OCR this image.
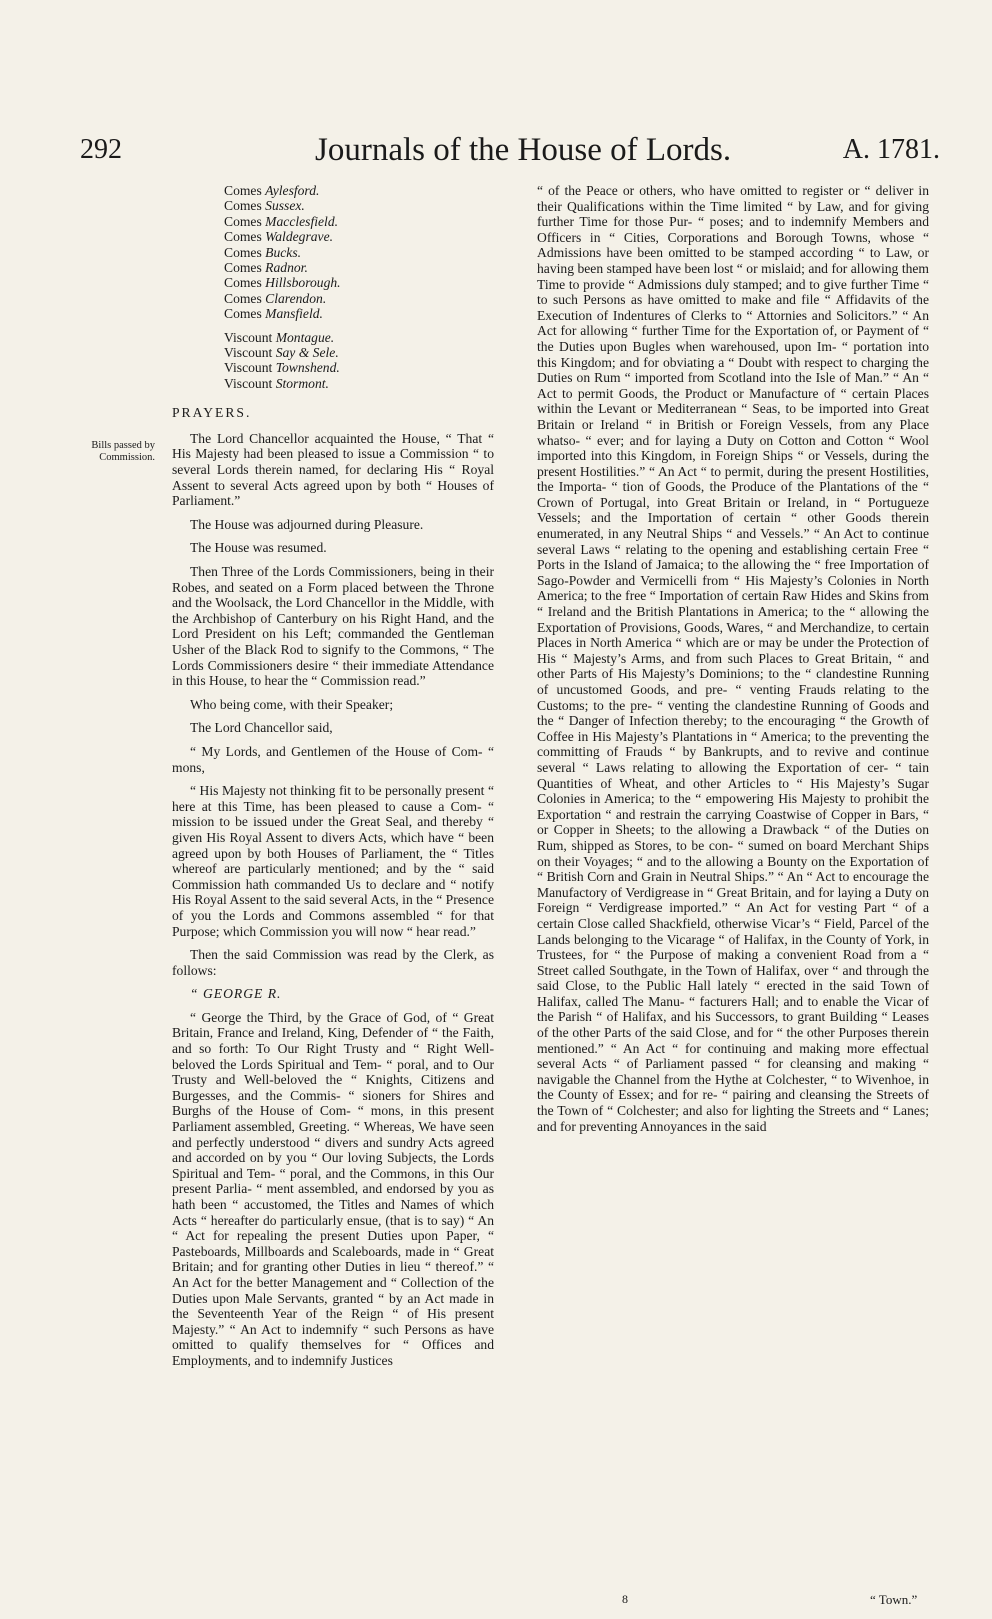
292	Journals of the House of Lords.	A. 1781.
Bills passed by Commission.
Comes Aylesford.
Comes Sussex.
Comes Macclesfield.
Comes Waldegrave.
Comes Bucks.
Comes Radnor.
Comes Hillsborough.
Comes Clarendon.
Comes Mansfield.
Viscount Montague.
Viscount Say & Sele.
Viscount Townshend.
Viscount Stormont.

PRAYERS.

The Lord Chancellor acquainted the House, “ That “ His Majesty had been pleased to issue a Commission “ to several Lords therein named, for declaring His “ Royal Assent to several Acts agreed upon by both “ Houses of Parliament.”

The House was adjourned during Pleasure.

The House was resumed.

Then Three of the Lords Commissioners, being in their Robes, and seated on a Form placed between the Throne and the Woolsack, the Lord Chancellor in the Middle, with the Archbishop of Canterbury on his Right Hand, and the Lord President on his Left; commanded the Gentleman Usher of the Black Rod to signify to the Commons, “ The Lords Commissioners desire “ their immediate Attendance in this House, to hear the “ Commission read.”

Who being come, with their Speaker;

The Lord Chancellor said,

“ My Lords, and Gentlemen of the House of Com- “ mons,

“ His Majesty not thinking fit to be personally present “ here at this Time, has been pleased to cause a Com- “ mission to be issued under the Great Seal, and thereby “ given His Royal Assent to divers Acts, which have “ been agreed upon by both Houses of Parliament, the “ Titles whereof are particularly mentioned; and by the “ said Commission hath commanded Us to declare and “ notify His Royal Assent to the said several Acts, in the “ Presence of you the Lords and Commons assembled “ for that Purpose; which Commission you will now “ hear read.”

Then the said Commission was read by the Clerk, as follows:

“ GEORGE R.

“ George the Third, by the Grace of God, of “ Great Britain, France and Ireland, King, Defender of “ the Faith, and so forth: To Our Right Trusty and “ Right Well-beloved the Lords Spiritual and Tem- “ poral, and to Our Trusty and Well-beloved the “ Knights, Citizens and Burgesses, and the Commis- “ sioners for Shires and Burghs of the House of Com- “ mons, in this present Parliament assembled, Greeting. “ Whereas, We have seen and perfectly understood “ divers and sundry Acts agreed and accorded on by you “ Our loving Subjects, the Lords Spiritual and Tem- “ poral, and the Commons, in this Our present Parlia- “ ment assembled, and endorsed by you as hath been “ accustomed, the Titles and Names of which Acts “ hereafter do particularly ensue, (that is to say) “ An “ Act for repealing the present Duties upon Paper, “ Pasteboards, Millboards and Scaleboards, made in “ Great Britain; and for granting other Duties in lieu “ thereof.” “ An Act for the better Management and “ Collection of the Duties upon Male Servants, granted “ by an Act made in the Seventeenth Year of the Reign “ of His present Majesty.” “ An Act to indemnify “ such Persons as have omitted to qualify themselves for “ Offices and Employments, and to indemnify Justices

“ of the Peace or others, who have omitted to register or “ deliver in their Qualifications within the Time limited “ by Law, and for giving further Time for those Pur- “ poses; and to indemnify Members and Officers in “ Cities, Corporations and Borough Towns, whose “ Admissions have been omitted to be stamped according “ to Law, or having been stamped have been lost “ or mislaid; and for allowing them Time to provide “ Admissions duly stamped; and to give further Time “ to such Persons as have omitted to make and file “ Affidavits of the Execution of Indentures of Clerks to “ Attornies and Solicitors.” “ An Act for allowing “ further Time for the Exportation of, or Payment of “ the Duties upon Bugles when warehoused, upon Im- “ portation into this Kingdom; and for obviating a “ Doubt with respect to charging the Duties on Rum “ imported from Scotland into the Isle of Man.” “ An “ Act to permit Goods, the Product or Manufacture of “ certain Places within the Levant or Mediterranean “ Seas, to be imported into Great Britain or Ireland “ in British or Foreign Vessels, from any Place whatso- “ ever; and for laying a Duty on Cotton and Cotton “ Wool imported into this Kingdom, in Foreign Ships “ or Vessels, during the present Hostilities.” “ An Act “ to permit, during the present Hostilities, the Importa- “ tion of Goods, the Produce of the Plantations of the “ Crown of Portugal, into Great Britain or Ireland, in “ Portugueze Vessels; and the Importation of certain “ other Goods therein enumerated, in any Neutral Ships “ and Vessels.” “ An Act to continue several Laws “ relating to the opening and establishing certain Free “ Ports in the Island of Jamaica; to the allowing the “ free Importation of Sago-Powder and Vermicelli from “ His Majesty’s Colonies in North America; to the free “ Importation of certain Raw Hides and Skins from “ Ireland and the British Plantations in America; to the “ allowing the Exportation of Provisions, Goods, Wares, “ and Merchandize, to certain Places in North America “ which are or may be under the Protection of His “ Majesty’s Arms, and from such Places to Great Britain, “ and other Parts of His Majesty’s Dominions; to the “ clandestine Running of uncustomed Goods, and pre- “ venting Frauds relating to the Customs; to the pre- “ venting the clandestine Running of Goods and the “ Danger of Infection thereby; to the encouraging “ the Growth of Coffee in His Majesty’s Plantations in “ America; to the preventing the committing of Frauds “ by Bankrupts, and to revive and continue several “ Laws relating to allowing the Exportation of cer- “ tain Quantities of Wheat, and other Articles to “ His Majesty’s Sugar Colonies in America; to the “ empowering His Majesty to prohibit the Exportation “ and restrain the carrying Coastwise of Copper in Bars, “ or Copper in Sheets; to the allowing a Drawback “ of the Duties on Rum, shipped as Stores, to be con- “ sumed on board Merchant Ships on their Voyages; “ and to the allowing a Bounty on the Exportation of “ British Corn and Grain in Neutral Ships.” “ An “ Act to encourage the Manufactory of Verdigrease in “ Great Britain, and for laying a Duty on Foreign “ Verdigrease imported.” “ An Act for vesting Part “ of a certain Close called Shackfield, otherwise Vicar’s “ Field, Parcel of the Lands belonging to the Vicarage “ of Halifax, in the County of York, in Trustees, for “ the Purpose of making a convenient Road from a “ Street called Southgate, in the Town of Halifax, over “ and through the said Close, to the Public Hall lately “ erected in the said Town of Halifax, called The Manu- “ facturers Hall; and to enable the Vicar of the Parish “ of Halifax, and his Successors, to grant Building “ Leases of the other Parts of the said Close, and for “ the other Purposes therein mentioned.” “ An Act “ for continuing and making more effectual several Acts “ of Parliament passed “ for cleansing and making “ navigable the Channel from the Hythe at Colchester, “ to Wivenhoe, in the County of Essex; and for re- “ pairing and cleansing the Streets of the Town of “ Colchester; and also for lighting the Streets and “ Lanes; and for preventing Annoyances in the said

8	“ Town.”
